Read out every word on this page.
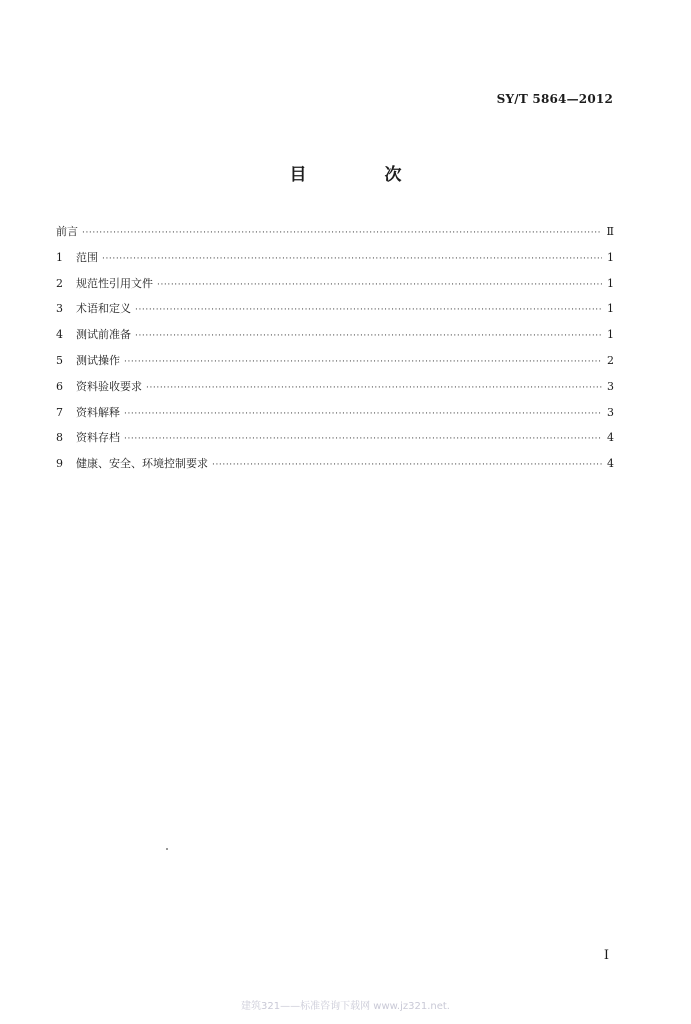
SY/T 5864—2012
目 次
前言 ·····	Ⅱ
1	范围 ·····	1
2	规范性引用文件 ·····	1
3	术语和定义 ·····	1
4	测试前准备 ·····	1
5	测试操作 ·····	2
6	资料验收要求 ·····	3
7	资料解释 ·····	3
8	资料存档 ·····	4
9	健康、安全、环境控制要求 ·····	4
Ⅰ
建筑321——标准咨询下载网 www.jz321.net.
